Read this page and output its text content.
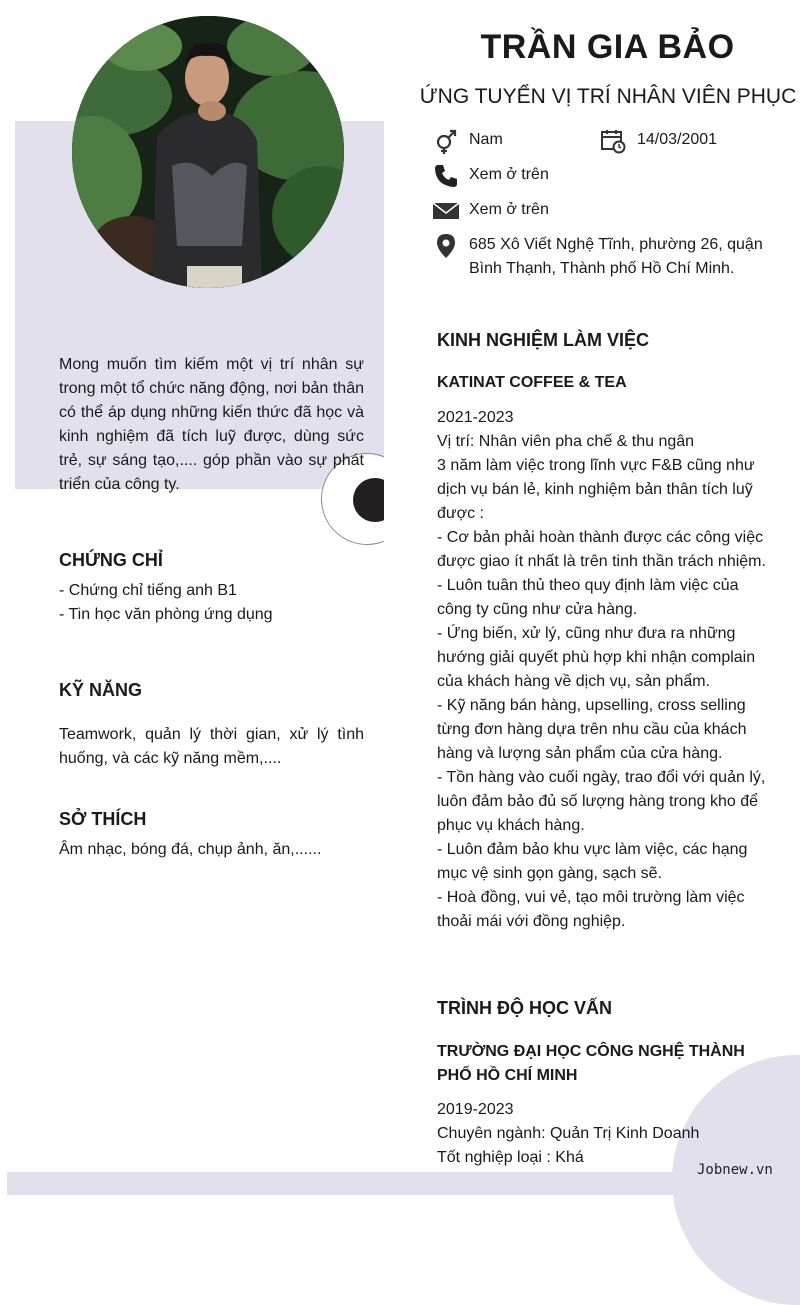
TRẦN GIA BẢO
ỨNG TUYỂN VỊ TRÍ NHÂN VIÊN PHỤC
Nam	14/03/2001
Xem ở trên
Xem ở trên
685 Xô Viết Nghệ Tĩnh, phường 26, quận
Bình Thạnh, Thành phố Hồ Chí Minh.
Mong muốn tìm kiếm một vị trí nhân sự trong một tổ chức năng động, nơi bản thân có thể áp dụng những kiến thức đã học và kinh nghiệm đã tích luỹ được, dùng sức trẻ, sự sáng tạo,.... góp phần vào sự phát triển của công ty.
CHỨNG CHỈ
- Chứng chỉ tiếng anh B1
- Tin học văn phòng ứng dụng
KỸ NĂNG
Teamwork, quản lý thời gian, xử lý tình huống, và các kỹ năng mềm,....
SỞ THÍCH
Âm nhạc, bóng đá, chụp ảnh, ăn,......
KINH NGHIỆM LÀM VIỆC
KATINAT COFFEE & TEA

2021-2023

Vị trí: Nhân viên pha chế & thu ngân

3 năm làm việc trong lĩnh vực F&B cũng như dịch vụ bán lẻ, kinh nghiệm bản thân tích luỹ được :

- Cơ bản phải hoàn thành được các công việc được giao ít nhất là trên tinh thần trách nhiệm.

- Luôn tuân thủ theo quy định làm việc của công ty cũng như cửa hàng.

- Ứng biến, xử lý, cũng như đưa ra những hướng giải quyết phù hợp khi nhận complain của khách hàng về dịch vụ, sản phẩm.

- Kỹ năng bán hàng, upselling, cross selling từng đơn hàng dựa trên nhu cầu của khách hàng và lượng sản phẩm của cửa hàng.

- Tồn hàng vào cuối ngày, trao đổi với quản lý, luôn đảm bảo đủ số lượng hàng trong kho để phục vụ khách hàng.

- Luôn đảm bảo khu vực làm việc, các hạng mục vệ sinh gọn gàng, sạch sẽ.

- Hoà đồng, vui vẻ, tạo môi trường làm việc thoải mái với đồng nghiệp.

TRÌNH ĐỘ HỌC VẤN
TRƯỜNG ĐẠI HỌC CÔNG NGHỆ THÀNH PHỐ HỒ CHÍ MINH

2019-2023

Chuyên ngành: Quản Trị Kinh Doanh

Tốt nghiệp loại : Khá

Jobnew.vn
